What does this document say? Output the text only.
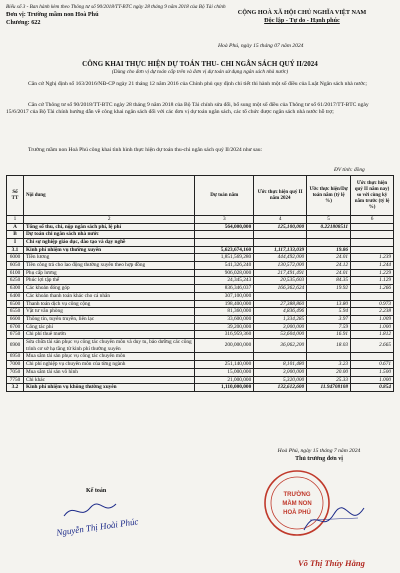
Biểu số 3 - Ban hành kèm theo Thông tư số 90/2018/TT-BTC ngày 28 tháng 9 năm 2018 của Bộ Tài chính
Đơn vị: Trường mầm non Hoà Phú
Chương: 622
CỘNG HOÀ XÃ HỘI CHỦ NGHĨA VIỆT NAM
Độc lập - Tự do - Hạnh phúc
Hoà Phú, ngày 15 tháng 07 năm 2024
CÔNG KHAI THỰC HIỆN DỰ TOÁN THU- CHI NGÂN SÁCH QUÝ II/2024
(Dùng cho đơn vị dự toán cấp trên và đơn vị dự toán sử dụng ngân sách nhà nước)
Căn cứ Nghị định số 163/2016/NĐ-CP ngày 21 tháng 12 năm 2016 của Chính phủ quy định chi tiết thi hành một số điều của Luật Ngân sách nhà nước;
Căn cứ Thông tư số 90/2018/TT-BTC ngày 28 tháng 9 năm 2018 của Bộ Tài chính sửa đổi, bổ sung một số điều của Thông tư số 61/2017/TT-BTC ngày 15/6/2017 của Bộ Tài chính hướng dẫn về công khai ngân sách đối với các đơn vị dự toán ngân sách, các tổ chức được ngân sách nhà nước hỗ trợ;
Trường mầm non Hoà Phú công khai tình hình thực hiện dự toán thu-chi ngân sách quý II/2024 như sau:
ĐV tính: đồng
Số TT	Nội dung	Dự toán năm	Ước thực hiện quý II năm 2024	Ước thực hiện/Dự toán năm (tỷ lệ %)	Ước thực hiện quý II năm nay) so với cùng kỳ năm trước (tỷ lệ %)
1	2	3	4	5	6
A	Tổng số thu, chi, nộp ngân sách phí, lệ phí	564,000,000	125,100,000	0.221808511	
B	Dự toán chi ngân sách nhà nước				
I	Chi sự nghiệp giáo dục, đào tạo và dạy nghề				
3.1	Kinh phí nhiệm vụ thường xuyên	5,623,674,160	1,117,133,039	19.86	
6000	Tiền lương	1,851,569,280	444,492,000	24.01	1.239
6050	Tiền công trả cho lao động thường xuyên theo hợp đồng	541,326,240	130,572,000	24.12	1.244
6100	Phụ cấp lương	906,028,000	217,491,491	24.01	1.229
6250	Phúc lợi tập thể	24,345,243	20,535,603	84.35	1.129
6300	Các khoản đóng góp	836,346,037	166,362,624	19.92	1.266
6400	Các khoản thanh toán khác cho cá nhân	307,100,000			
6500	Thanh toán dịch vụ công cộng	198,400,000	27,388,860	13.80	0.973
6550	Vật tư văn phòng	81,360,000	4,836,496	5.94	2.238
6600	Thông tin, tuyên truyền, liên lạc	33,600,000	1,334,285	3.97	1.009
6700	Công tác phí	39,200,000	3,000,000	7.59	1.000
6750	Chi phí thuê mướn	316,959,360	53,604,000	16.91	1.812
6900	Sửa chữa tài sản phục vụ công tác chuyên môn và duy tu, bảo dưỡng các công trình cơ sở hạ tầng từ kinh phí thường xuyên	200,000,000	36,062,200	18.03	2.665
6950	Mua sắm tài sản phục vụ công tác chuyên môn				
7000	Chi phí nghiệp vụ chuyên môn của từng ngành	251,140,000	8,101,480	3.23	0.671
7050	Mua sắm tài sản vô hình	15,000,000	3,000,000	20.00	1.500
7750	Chi khác	21,000,000	5,320,000	25.33	1.000
3.2	Kinh phí nhiệm vụ không thường xuyên	1,110,000,000	132,612,600	11.94708108	0.854
Kế toán
Nguyễn Thị Hoài Phúc
Hoà Phú, ngày 15 tháng 7 năm 2024
Thủ trưởng đơn vị
TRƯỜNG
MẦM NON
HOÀ PHÚ
Võ Thị Thúy Hằng
